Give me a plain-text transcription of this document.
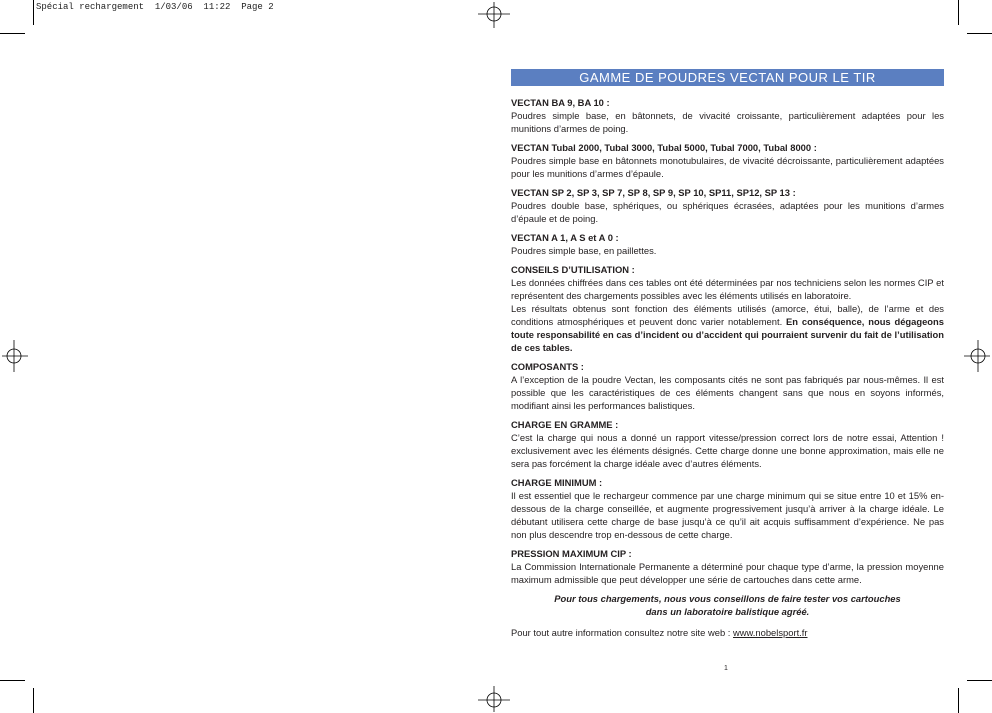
Spécial rechargement  1/03/06  11:22  Page 2
GAMME DE POUDRES VECTAN POUR LE TIR
VECTAN BA 9, BA 10 :
Poudres simple base, en bâtonnets, de vivacité croissante, particulièrement adaptées pour les munitions d’armes de poing.
VECTAN Tubal 2000, Tubal 3000, Tubal 5000, Tubal 7000, Tubal 8000 :
Poudres simple base en bâtonnets monotubulaires, de vivacité décroissante, particulièrement adaptées pour les munitions d’armes d’épaule.
VECTAN SP 2, SP 3, SP 7, SP 8, SP 9, SP 10, SP11, SP12, SP 13 :
Poudres double base, sphériques, ou sphériques écrasées, adaptées pour les munitions d’armes d’épaule et de poing.
VECTAN A 1, A S et A 0 :
Poudres simple base, en paillettes.
CONSEILS D’UTILISATION :
Les données chiffrées dans ces tables ont été déterminées par nos techniciens selon les normes CIP et représentent des chargements possibles avec les éléments utilisés en laboratoire.
Les résultats obtenus sont fonction des éléments utilisés (amorce, étui, balle), de l’arme et des conditions atmosphériques et peuvent donc varier notablement. En conséquence, nous dégageons toute responsabilité en cas d’incident ou d’accident qui pourraient survenir du fait de l’utilisation de ces tables.
COMPOSANTS :
A l’exception de la poudre Vectan, les composants cités ne sont pas fabriqués par nous-mêmes. Il est possible que les caractéristiques de ces éléments changent sans que nous en soyons informés, modifiant ainsi les performances balistiques.
CHARGE EN GRAMME :
C’est la charge qui nous a donné un rapport vitesse/pression correct lors de notre essai, Attention ! exclusivement avec les éléments désignés. Cette charge donne une bonne approximation, mais elle ne sera pas forcément la charge idéale avec d’autres éléments.
CHARGE MINIMUM :
Il est essentiel que le rechargeur commence par une charge minimum qui se situe entre 10 et 15% en-dessous de la charge conseillée, et augmente progressivement jusqu’à arriver à la charge idéale. Le débutant utilisera cette charge de base jusqu’à ce qu’il ait acquis suffisamment d’expérience. Ne pas non plus descendre trop en-dessous de cette charge.
PRESSION MAXIMUM CIP :
La Commission Internationale Permanente a déterminé pour chaque type d’arme, la pression moyenne maximum admissible que peut développer une série de cartouches dans cette arme.
Pour tous chargements, nous vous conseillons de faire tester vos cartouches
dans un laboratoire balistique agréé.
Pour tout autre information consultez notre site web : www.nobelsport.fr
1
